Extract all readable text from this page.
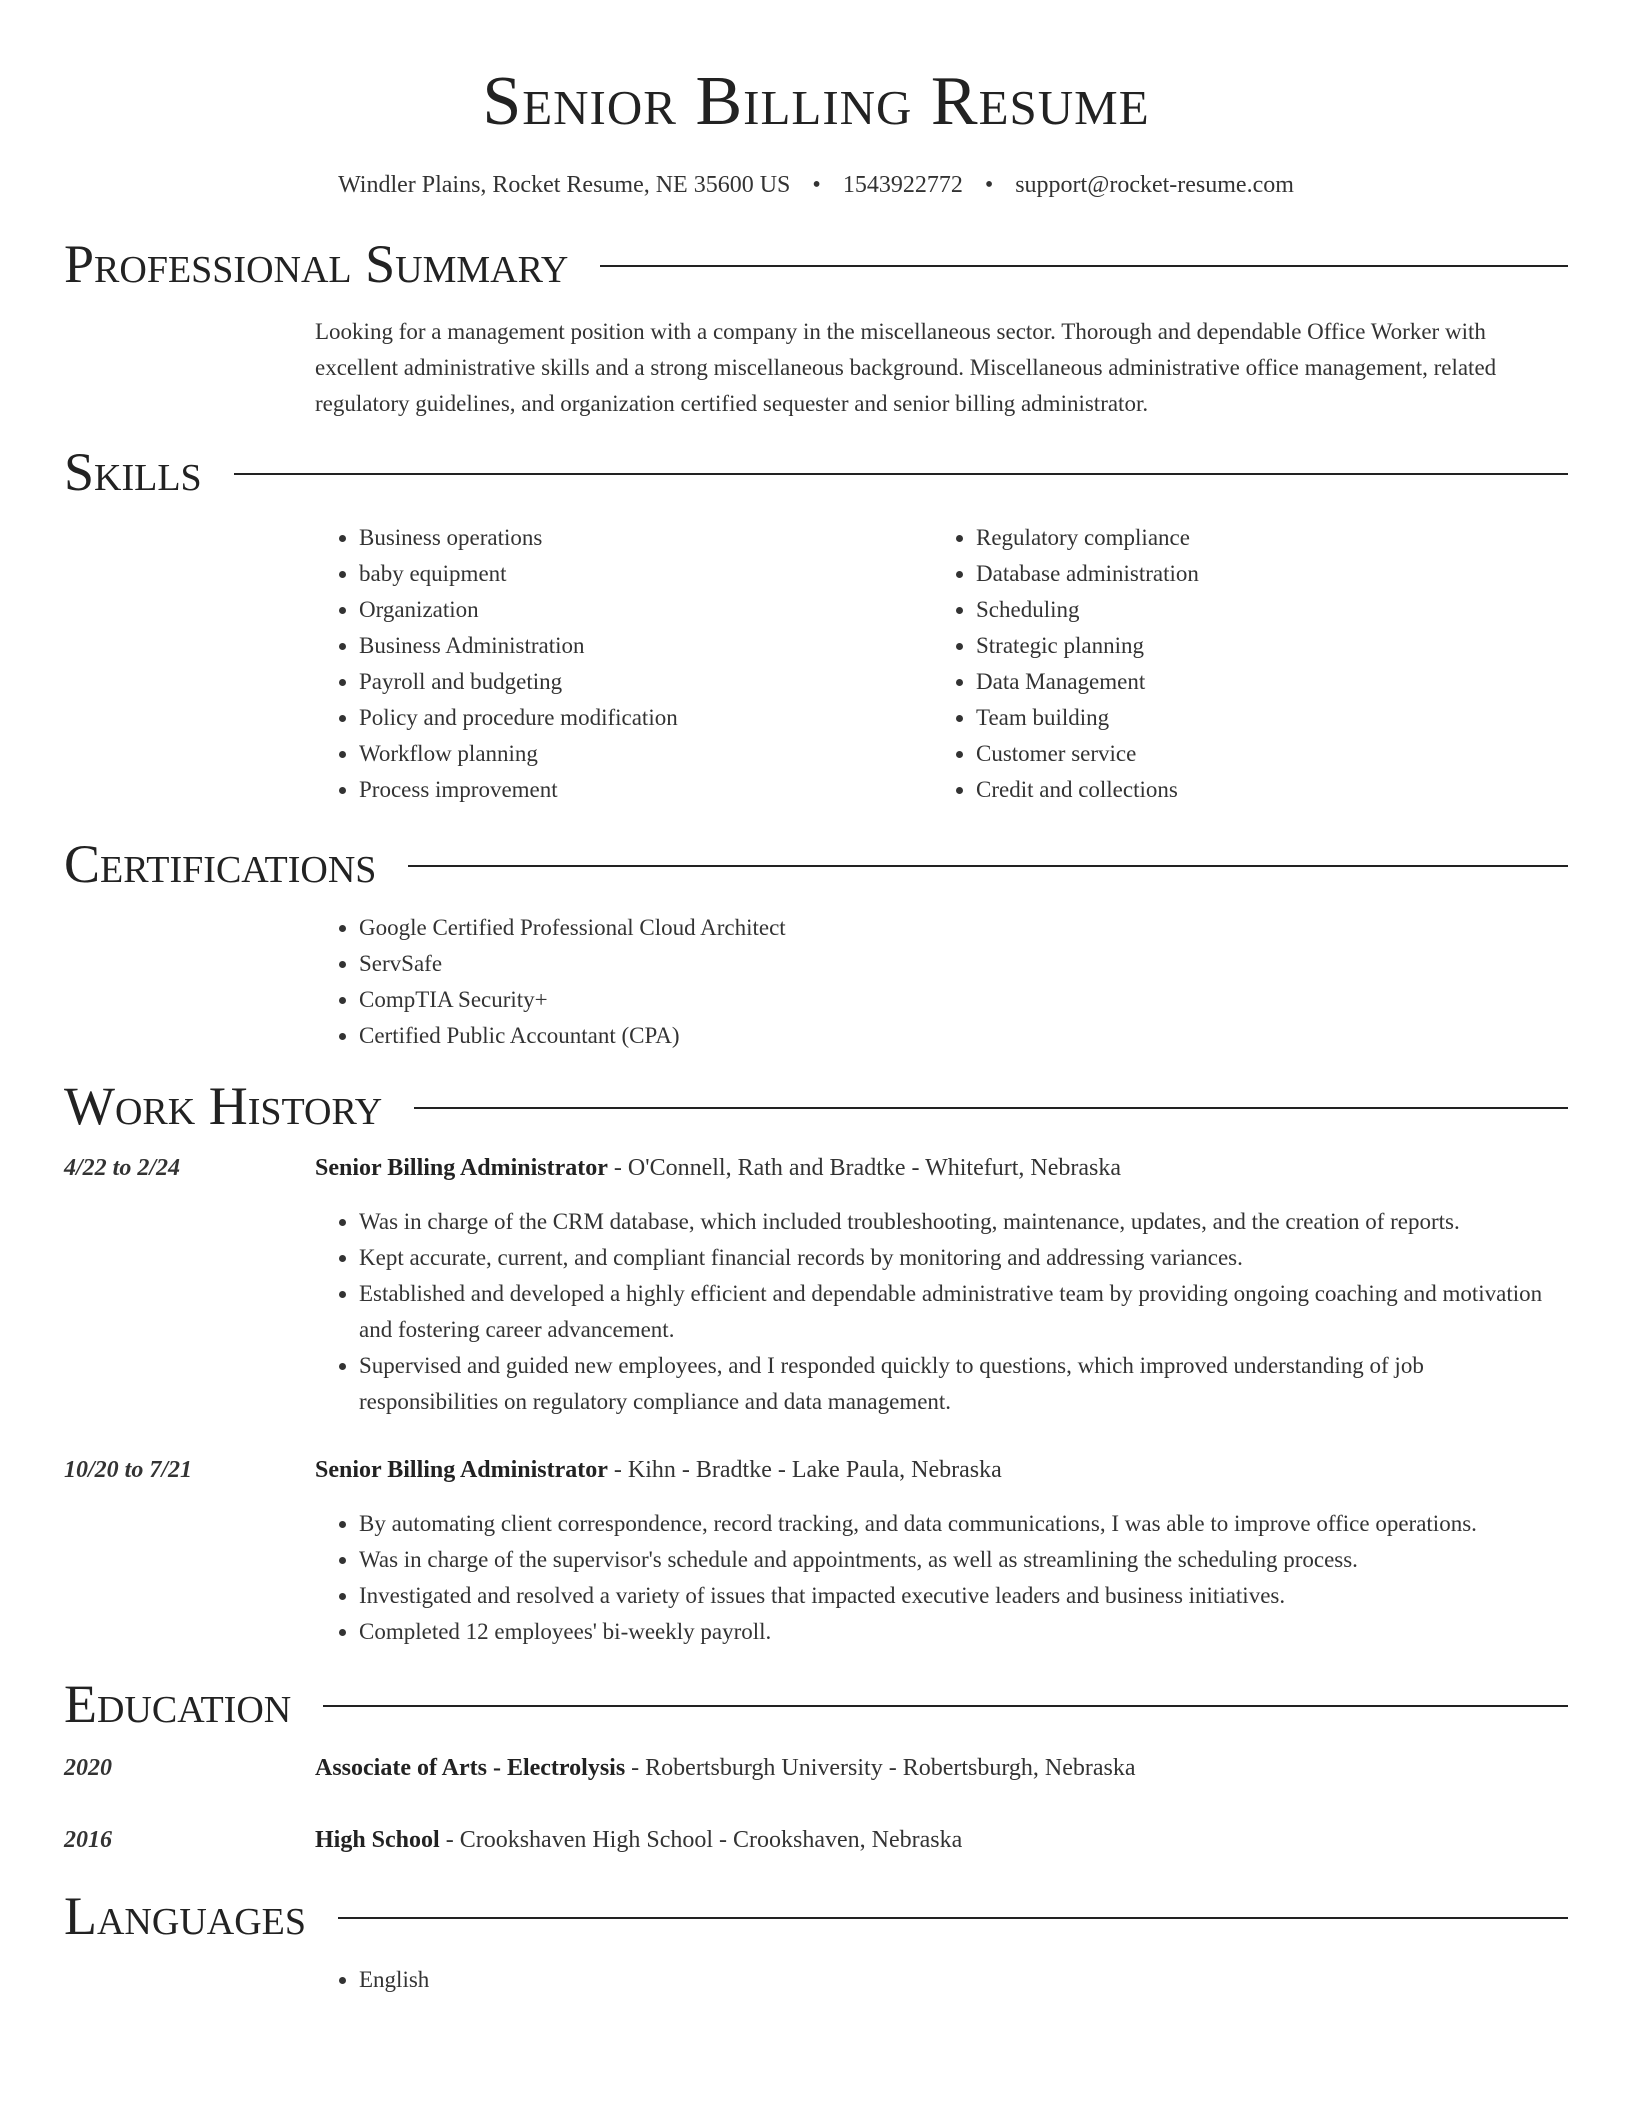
Senior Billing Resume
Windler Plains, Rocket Resume, NE 35600 US • 1543922772 • support@rocket-resume.com
Professional Summary

Looking for a management position with a company in the miscellaneous sector. Thorough and dependable Office Worker with excellent administrative skills and a strong miscellaneous background. Miscellaneous administrative office management, related regulatory guidelines, and organization certified sequester and senior billing administrator.

Skills
• Business operations
• baby equipment
• Organization
• Business Administration
• Payroll and budgeting
• Policy and procedure modification
• Workflow planning
• Process improvement
• Regulatory compliance
• Database administration
• Scheduling
• Strategic planning
• Data Management
• Team building
• Customer service
• Credit and collections
Certifications
• Google Certified Professional Cloud Architect
• ServSafe
• CompTIA Security+
• Certified Public Accountant (CPA)
Work History
4/22 to 2/24	Senior Billing Administrator - O'Connell, Rath and Bradtke - Whitefurt, Nebraska
• Was in charge of the CRM database, which included troubleshooting, maintenance, updates, and the creation of reports.
• Kept accurate, current, and compliant financial records by monitoring and addressing variances.
• Established and developed a highly efficient and dependable administrative team by providing ongoing coaching and motivation and fostering career advancement.
• Supervised and guided new employees, and I responded quickly to questions, which improved understanding of job responsibilities on regulatory compliance and data management.
10/20 to 7/21	Senior Billing Administrator - Kihn - Bradtke - Lake Paula, Nebraska
• By automating client correspondence, record tracking, and data communications, I was able to improve office operations.
• Was in charge of the supervisor's schedule and appointments, as well as streamlining the scheduling process.
• Investigated and resolved a variety of issues that impacted executive leaders and business initiatives.
• Completed 12 employees' bi-weekly payroll.
Education
2020	Associate of Arts - Electrolysis - Robertsburgh University - Robertsburgh, Nebraska
2016	High School - Crookshaven High School - Crookshaven, Nebraska
Languages
• English
